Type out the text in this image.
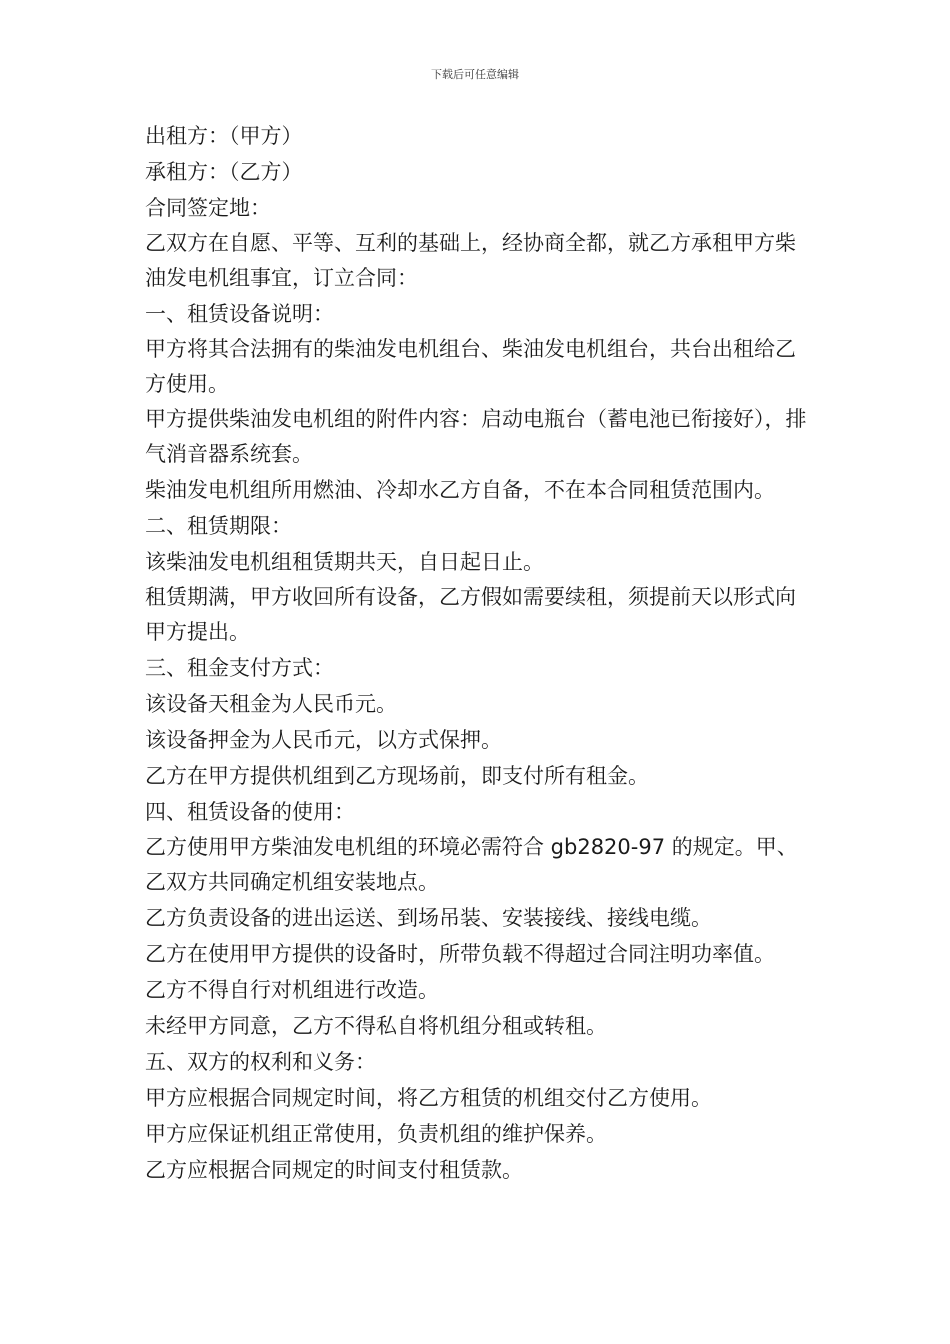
下载后可任意编辑

出租方：（甲方）

承租方：（乙方）

合同签定地：

乙双方在自愿、平等、互利的基础上，经协商全都，就乙方承租甲方柴油发电机组事宜，订立合同：

一、租赁设备说明：

甲方将其合法拥有的柴油发电机组台、柴油发电机组台，共台出租给乙方使用。

甲方提供柴油发电机组的附件内容：启动电瓶台（蓄电池已衔接好），排气消音器系统套。

柴油发电机组所用燃油、冷却水乙方自备，不在本合同租赁范围内。

二、租赁期限：

该柴油发电机组租赁期共天，自日起日止。

租赁期满，甲方收回所有设备，乙方假如需要续租，须提前天以形式向甲方提出。

三、租金支付方式：

该设备天租金为人民币元。

该设备押金为人民币元，以方式保押。

乙方在甲方提供机组到乙方现场前，即支付所有租金。

四、租赁设备的使用：

乙方使用甲方柴油发电机组的环境必需符合 gb2820-97 的规定。甲、乙双方共同确定机组安装地点。

乙方负责设备的进出运送、到场吊装、安装接线、接线电缆。

乙方在使用甲方提供的设备时，所带负载不得超过合同注明功率值。

乙方不得自行对机组进行改造。

未经甲方同意，乙方不得私自将机组分租或转租。

五、双方的权利和义务：

甲方应根据合同规定时间，将乙方租赁的机组交付乙方使用。

甲方应保证机组正常使用，负责机组的维护保养。

乙方应根据合同规定的时间支付租赁款。
